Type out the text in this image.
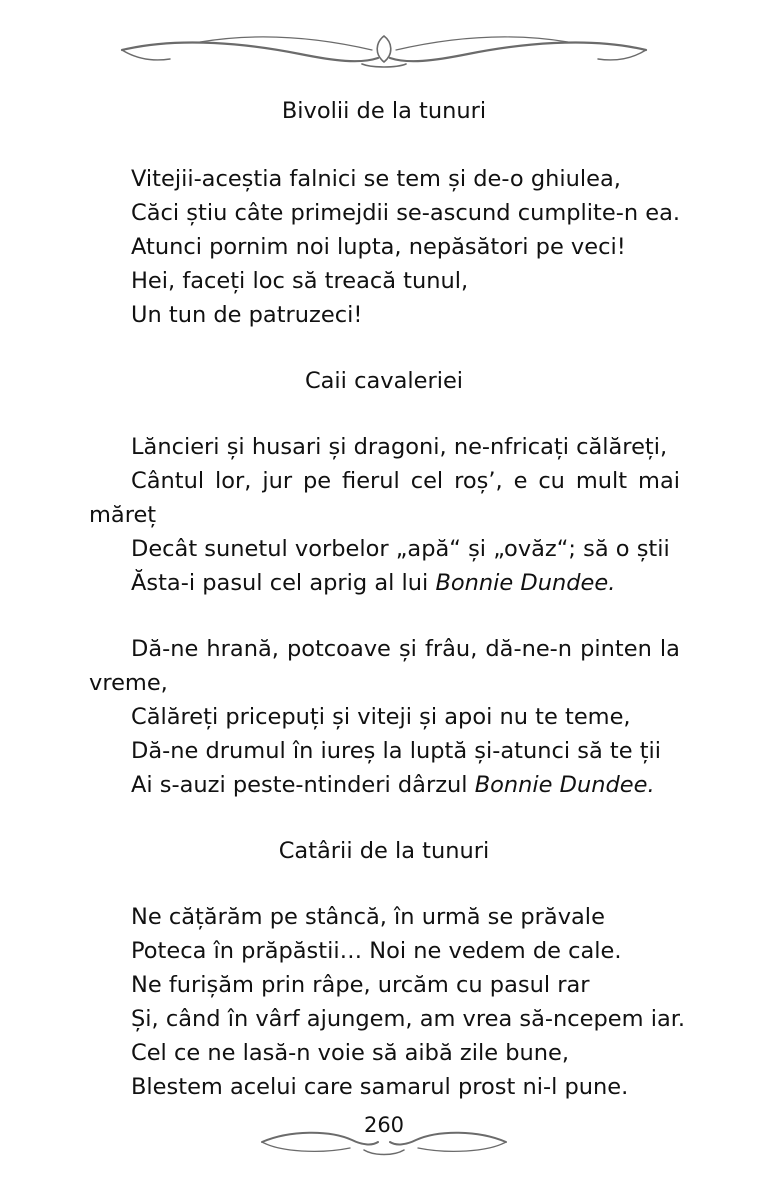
Bivolii de la tunuri
Vitejii-aceștia falnici se tem și de-o ghiulea,
Căci știu câte primejdii se-ascund cumplite-n ea.
Atunci pornim noi lupta, nepăsători pe veci!
Hei, faceți loc să treacă tunul,
Un tun de patruzeci!
Caii cavaleriei
Lăncieri și husari și dragoni, ne-nfricați călăreți,
Cântul lor, jur pe fierul cel roș’, e cu mult mai
măreț
Decât sunetul vorbelor „apă“ și „ovăz“; să o știi
Ăsta-i pasul cel aprig al lui Bonnie Dundee.
Dă-ne hrană, potcoave și frâu, dă-ne-n pinten la
vreme,
Călăreți pricepuți și viteji și apoi nu te teme,
Dă-ne drumul în iureș la luptă și-atunci să te ții
Ai s-auzi peste-ntinderi dârzul Bonnie Dundee.
Catârii de la tunuri
Ne cățărăm pe stâncă, în urmă se prăvale
Poteca în prăpăstii… Noi ne vedem de cale.
Ne furișăm prin râpe, urcăm cu pasul rar
Și, când în vârf ajungem, am vrea să-ncepem iar.
Cel ce ne lasă-n voie să aibă zile bune,
Blestem acelui care samarul prost ni-l pune.
260
